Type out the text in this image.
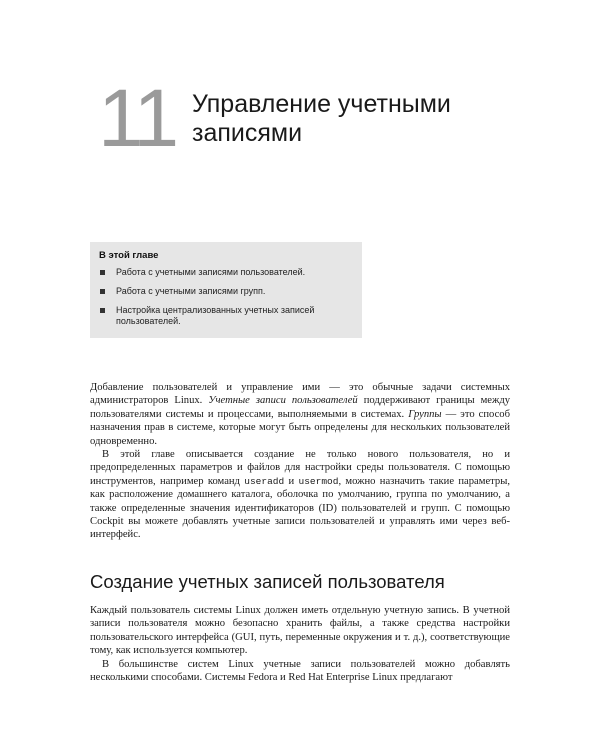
11 Управление учетными
записями
В этой главе
Работа с учетными записями пользователей.
Работа с учетными записями групп.
Настройка централизованных учетных записей пользователей.

Добавление пользователей и управление ими — это обычные задачи системных администраторов Linux. Учетные записи пользователей поддерживают границы между пользователями системы и процессами, выполняемыми в системах. Группы — это способ назначения прав в системе, которые могут быть определены для нескольких пользователей одновременно.

В этой главе описывается создание не только нового пользователя, но и предопределенных параметров и файлов для настройки среды пользователя. С помощью инструментов, например команд useradd и usermod, можно назначить такие параметры, как расположение домашнего каталога, оболочка по умолчанию, группа по умолчанию, а также определенные значения идентификаторов (ID) пользователей и групп. С помощью Cockpit вы можете добавлять учетные записи пользователей и управлять ими через веб-интерфейс.

Создание учетных записей пользователя

Каждый пользователь системы Linux должен иметь отдельную учетную запись. В учетной записи пользователя можно безопасно хранить файлы, а также средства настройки пользовательского интерфейса (GUI, путь, переменные окружения и т. д.), соответствующие тому, как используется компьютер.

В большинстве систем Linux учетные записи пользователей можно добавлять несколькими способами. Системы Fedora и Red Hat Enterprise Linux предлагают
